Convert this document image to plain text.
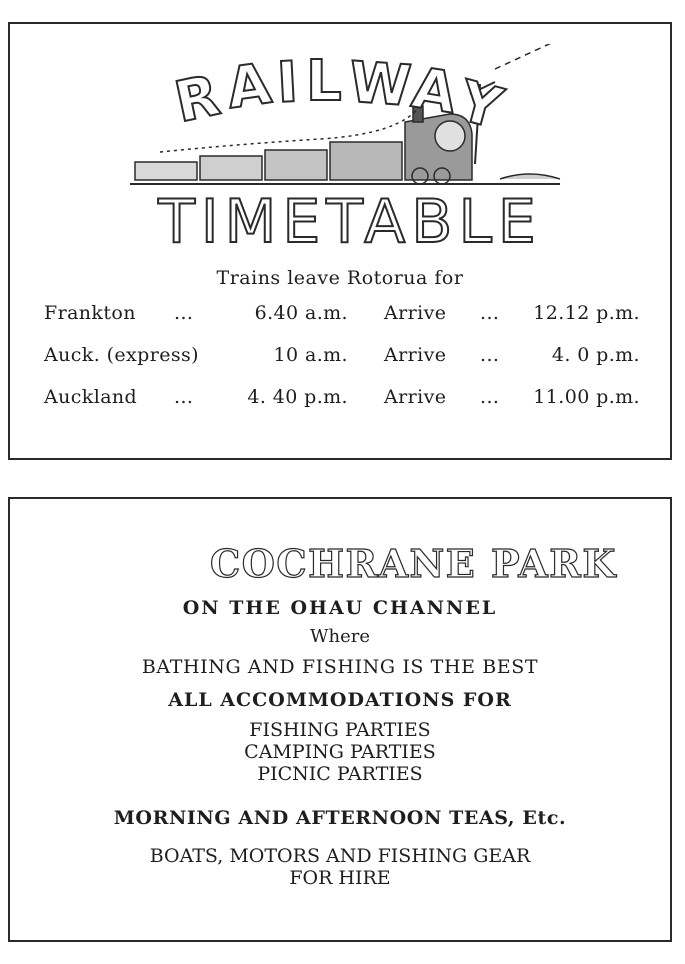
R
A I L W
A
Y
TIMETABLE
Trains leave Rotorua for
Frankton ...	6.40 a.m. Arrive ... 12.12 p.m.
Auck. (express)	10 a.m. Arrive ...	4. 0 p.m.
Auckland ...	4. 40 p.m. Arrive ... 11.00 p.m.
COCHRANE PARK
ON THE OHAU CHANNEL
Where
BATHING AND FISHING IS THE BEST
ALL ACCOMMODATIONS FOR
FISHING PARTIES
CAMPING PARTIES
PICNIC PARTIES
MORNING AND AFTERNOON TEAS, Etc.
BOATS, MOTORS AND FISHING GEAR
FOR HIRE
